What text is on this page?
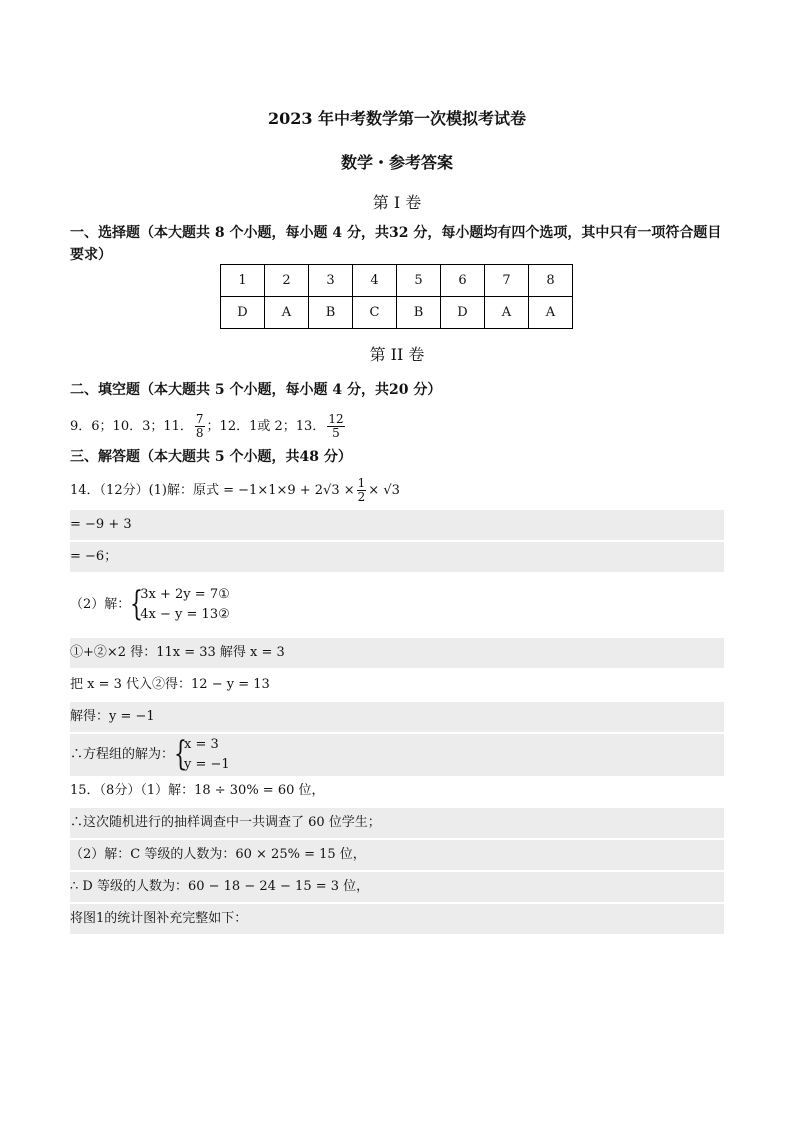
2023 年中考数学第一次模拟考试卷
数学・参考答案
第 I 卷
一、选择题（本大题共 8 个小题，每小题 4 分，共32 分，每小题均有四个选项，其中只有一项符合题目要求）
1	2	3	4	5	6	7	8
D	A	B	C	B	D	A	A
第 II 卷
二、填空题（本大题共 5 个小题，每小题 4 分，共20 分）
9．6；10．3；11． $\frac{7}{8}$ ；12．1或 2；13． $\frac{12}{5}$
三、解答题（本大题共 5 个小题，共48 分）
14．（12分）(1)解：原式 = $-1\times 1\times 9 + 2√3 \times \frac{1}{2} \times √3$
= −9 + 3
= −6；
（2）解： {
3x + 2y = 7①
4x − y = 13②
①+②×2 得：11x = 33 解得 x = 3
把 x = 3 代入②得：12 − y = 13
解得：y = −1
∴方程组的解为： {
x = 3
y = −1
15．（8分）（1）解：18 ÷ 30% = 60 位，
∴这次随机进行的抽样调查中一共调查了 60 位学生；
（2）解：C 等级的人数为：60 × 25% = 15 位，
∴ D 等级的人数为：60 − 18 − 24 − 15 = 3 位，
将图1的统计图补充完整如下：
